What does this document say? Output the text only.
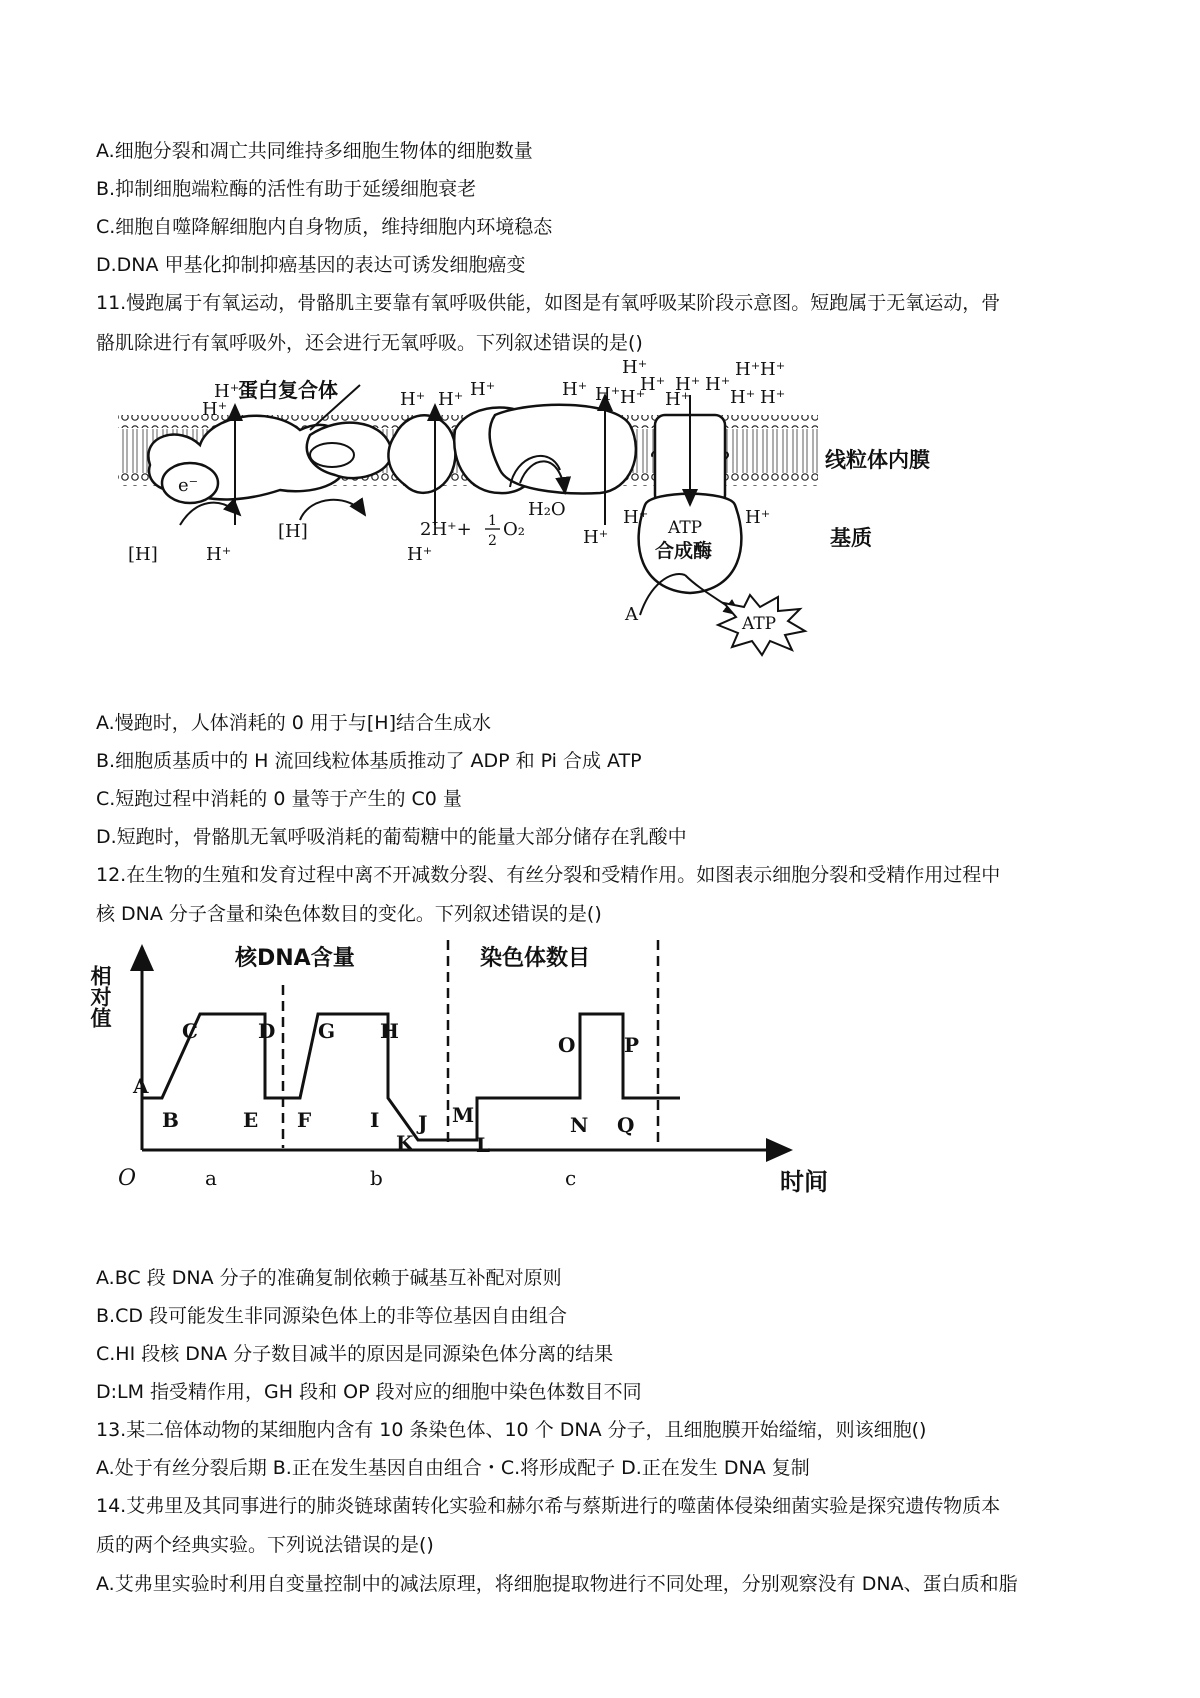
A.细胞分裂和凋亡共同维持多细胞生物体的细胞数量
B.抑制细胞端粒酶的活性有助于延缓细胞衰老
C.细胞自噬降解细胞内自身物质，维持细胞内环境稳态
D.DNA 甲基化抑制抑癌基因的表达可诱发细胞癌变
11.慢跑属于有氧运动，骨骼肌主要靠有氧呼吸供能，如图是有氧呼吸某阶段示意图。短跑属于无氧运动，骨
骼肌除进行有氧呼吸外，还会进行无氧呼吸。下列叙述错误的是()
e⁻
蛋白复合体
H⁺
H⁺	H⁺ H⁺ H⁺	H⁺ H⁺
H⁺
H⁺ H⁺ H⁺
H⁺ H⁺
H⁺
H⁺ H⁺	H⁺
线粒体内膜
基质
[H]
[H]
H⁺	H⁺
H⁺
H⁺	H⁺
2H⁺+ 1
2
O₂
H₂O
ATP
合成酶
A	ATP
A.慢跑时，人体消耗的 0 用于与[H]结合生成水
B.细胞质基质中的 H 流回线粒体基质推动了 ADP 和 Pi 合成 ATP
C.短跑过程中消耗的 0 量等于产生的 C0 量
D.短跑时，骨骼肌无氧呼吸消耗的葡萄糖中的能量大部分储存在乳酸中
12.在生物的生殖和发育过程中离不开减数分裂、有丝分裂和受精作用。如图表示细胞分裂和受精作用过程中
核 DNA 分子含量和染色体数目的变化。下列叙述错误的是()
相对值
O	时间
核DNA含量	染色体数目
a	b	c
A
B
C	D
E F
G H
I
K
J M
L
N
O P
Q
A.BC 段 DNA 分子的准确复制依赖于碱基互补配对原则
B.CD 段可能发生非同源染色体上的非等位基因自由组合
C.HI 段核 DNA 分子数目减半的原因是同源染色体分离的结果
D:LM 指受精作用，GH 段和 OP 段对应的细胞中染色体数目不同
13.某二倍体动物的某细胞内含有 10 条染色体、10 个 DNA 分子，且细胞膜开始缢缩，则该细胞()
A.处于有丝分裂后期 B.正在发生基因自由组合・C.将形成配子 D.正在发生 DNA 复制
14.艾弗里及其同事进行的肺炎链球菌转化实验和赫尔希与蔡斯进行的噬菌体侵染细菌实验是探究遗传物质本
质的两个经典实验。下列说法错误的是()
A.艾弗里实验时利用自变量控制中的减法原理，将细胞提取物进行不同处理，分别观察没有 DNA、蛋白质和脂
